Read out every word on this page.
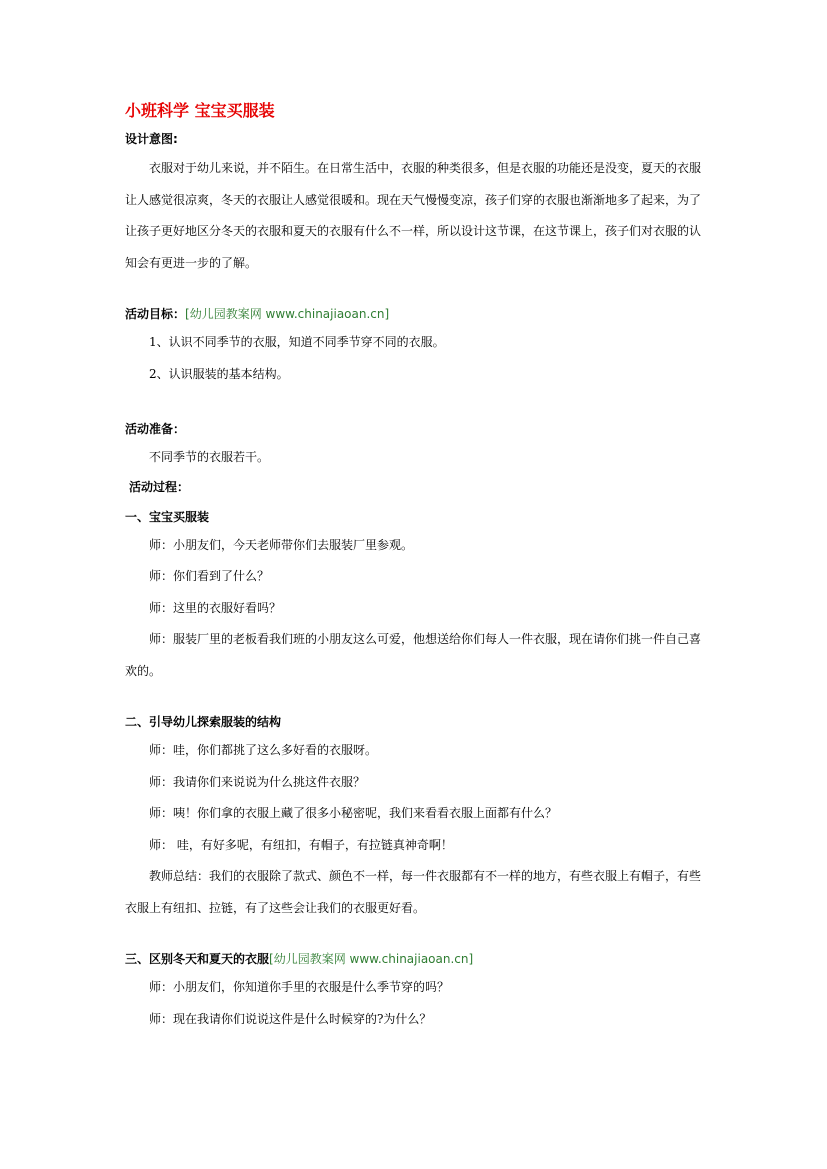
小班科学 宝宝买服装
设计意图:

衣服对于幼儿来说，并不陌生。在日常生活中，衣服的种类很多，但是衣服的功能还是没变，夏天的衣服让人感觉很凉爽，冬天的衣服让人感觉很暖和。现在天气慢慢变凉，孩子们穿的衣服也渐渐地多了起来，为了让孩子更好地区分冬天的衣服和夏天的衣服有什么不一样，所以设计这节课，在这节课上，孩子们对衣服的认知会有更进一步的了解。

活动目标：[幼儿园教案网 www.chinajiaoan.cn]
1、认识不同季节的衣服，知道不同季节穿不同的衣服。
2、认识服装的基本结构。
活动准备：
不同季节的衣服若干。
活动过程：
一、宝宝买服装
师：小朋友们，今天老师带你们去服装厂里参观。
师：你们看到了什么？
师：这里的衣服好看吗？

师：服装厂里的老板看我们班的小朋友这么可爱，他想送给你们每人一件衣服，现在请你们挑一件自己喜欢的。

二、引导幼儿探索服装的结构
师：哇，你们都挑了这么多好看的衣服呀。
师：我请你们来说说为什么挑这件衣服？
师：咦！你们拿的衣服上藏了很多小秘密呢，我们来看看衣服上面都有什么？
师： 哇，有好多呢，有纽扣，有帽子，有拉链真神奇啊！

教师总结：我们的衣服除了款式、颜色不一样，每一件衣服都有不一样的地方，有些衣服上有帽子，有些衣服上有纽扣、拉链，有了这些会让我们的衣服更好看。

三、区别冬天和夏天的衣服[幼儿园教案网 www.chinajiaoan.cn]
师：小朋友们，你知道你手里的衣服是什么季节穿的吗？
师：现在我请你们说说这件是什么时候穿的?为什么？
